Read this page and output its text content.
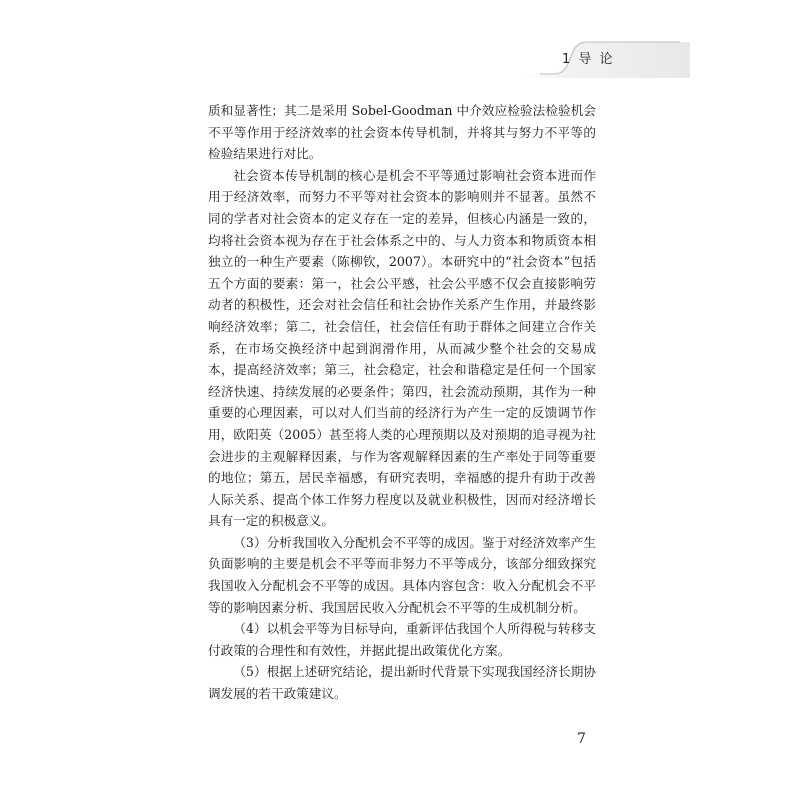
1 导 论

质和显著性；其二是采用 Sobel-Goodman 中介效应检验法检验机会不平等作用于经济效率的社会资本传导机制，并将其与努力不平等的检验结果进行对比。

社会资本传导机制的核心是机会不平等通过影响社会资本进而作用于经济效率，而努力不平等对社会资本的影响则并不显著。虽然不同的学者对社会资本的定义存在一定的差异，但核心内涵是一致的，均将社会资本视为存在于社会体系之中的、与人力资本和物质资本相独立的一种生产要素（陈柳钦，2007）。本研究中的“社会资本”包括五个方面的要素：第一，社会公平感，社会公平感不仅会直接影响劳动者的积极性，还会对社会信任和社会协作关系产生作用，并最终影响经济效率；第二，社会信任，社会信任有助于群体之间建立合作关系，在市场交换经济中起到润滑作用，从而减少整个社会的交易成本，提高经济效率；第三，社会稳定，社会和谐稳定是任何一个国家经济快速、持续发展的必要条件；第四，社会流动预期，其作为一种重要的心理因素，可以对人们当前的经济行为产生一定的反馈调节作用，欧阳英（2005）甚至将人类的心理预期以及对预期的追寻视为社会进步的主观解释因素，与作为客观解释因素的生产率处于同等重要的地位；第五，居民幸福感，有研究表明，幸福感的提升有助于改善人际关系、提高个体工作努力程度以及就业积极性，因而对经济增长具有一定的积极意义。

（3）分析我国收入分配机会不平等的成因。鉴于对经济效率产生负面影响的主要是机会不平等而非努力不平等成分，该部分细致探究我国收入分配机会不平等的成因。具体内容包含：收入分配机会不平等的影响因素分析、我国居民收入分配机会不平等的生成机制分析。

（4）以机会平等为目标导向，重新评估我国个人所得税与转移支付政策的合理性和有效性，并据此提出政策优化方案。

（5）根据上述研究结论，提出新时代背景下实现我国经济长期协调发展的若干政策建议。

7
